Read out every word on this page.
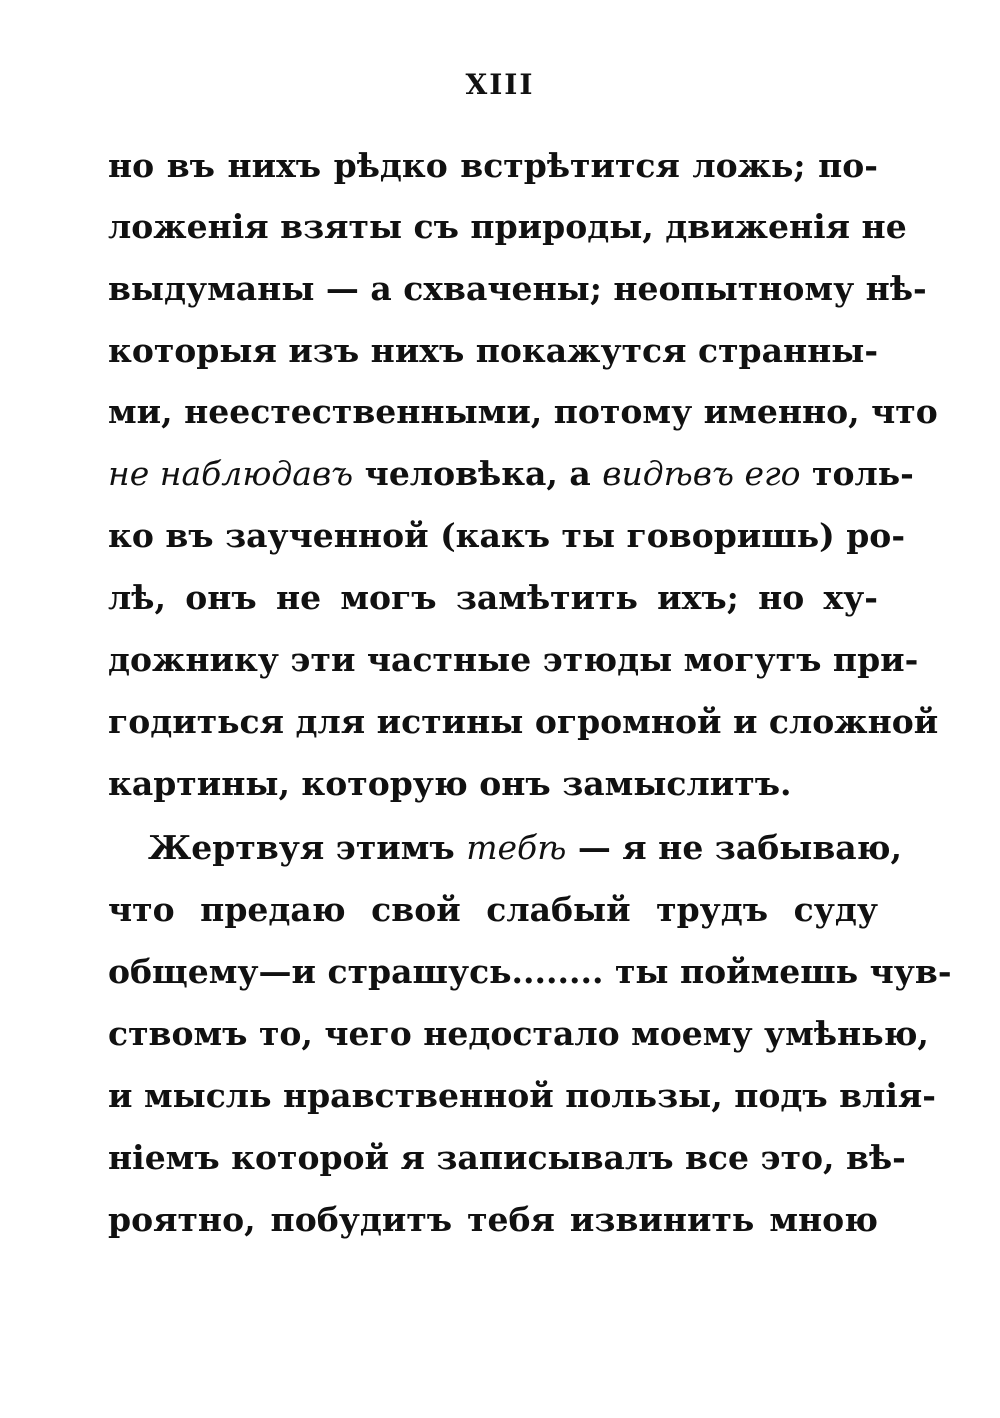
XIII
но въ нихъ рѣдко встрѣтится ложь; по-
ложенія взяты съ природы, движенія не
выдуманы — а схвачены; неопытному нѣ-
которыя изъ нихъ покажутся странны-
ми, неестественными, потому именно, что
не наблюдавъ человѣка, а видѣвъ его толь-
ко въ заученной (какъ ты говоришь) ро-
лѣ, онъ не могъ замѣтить ихъ; но ху-
дожнику эти частные этюды могутъ при-
годиться для истины огромной и сложной
картины, которую онъ замыслитъ.
Жертвуя этимъ тебѣ — я не забываю,
что предаю свой слабый трудъ суду
общему—и страшусь........ ты поймешь чув-
ствомъ то, чего недостало моему умѣнью,
и мысль нравственной пользы, подъ влія-
ніемъ которой я записывалъ все это, вѣ-
роятно, побудитъ тебя извинить мною
